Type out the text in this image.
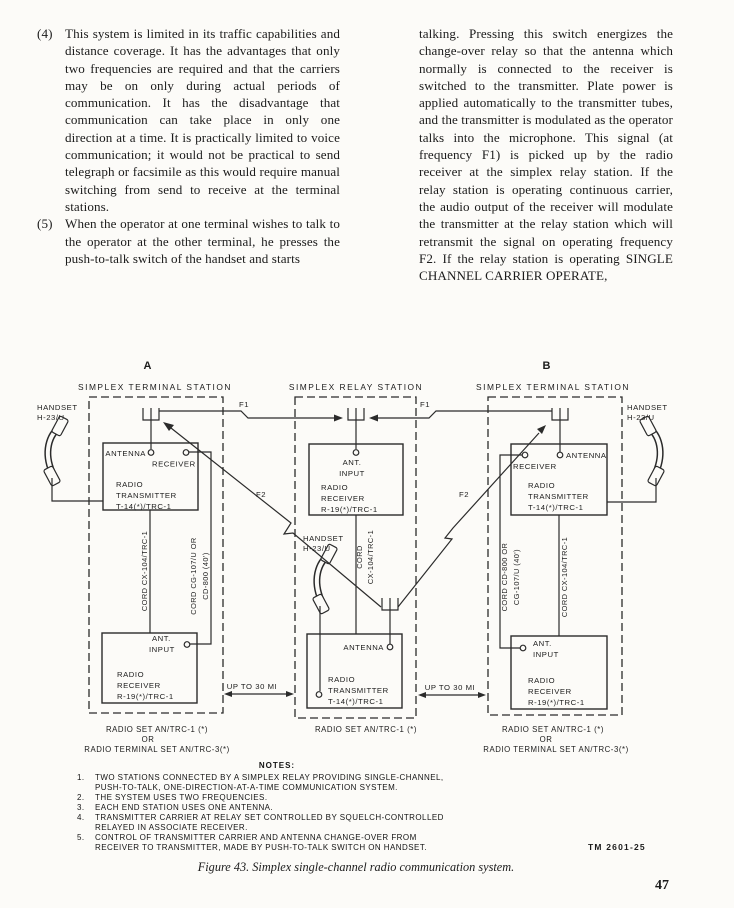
(4) This system is limited in its traffic capabilities and distance coverage. It has the advantages that only two frequencies are required and that the carriers may be on only during actual periods of communication. It has the disadvantage that communication can take place in only one direction at a time. It is practically limited to voice communication; it would not be practical to send telegraph or facsimile as this would require manual switching from send to receive at the terminal stations.
(5) When the operator at one terminal wishes to talk to the operator at the other terminal, he presses the push-to-talk switch of the handset and starts
talking. Pressing this switch energizes the change-over relay so that the antenna which normally is connected to the receiver is switched to the transmitter. Plate power is applied automatically to the transmitter tubes, and the transmitter is modulated as the operator talks into the microphone. This signal (at frequency F1) is picked up by the radio receiver at the simplex relay station. If the relay station is operating continuous carrier, the audio output of the receiver will modulate the transmitter at the relay station which will retransmit the signal on operating frequency F2. If the relay station is operating SINGLE CHANNEL CARRIER OPERATE,
A	B
SIMPLEX TERMINAL STATION	SIMPLEX RELAY STATION	SIMPLEX TERMINAL STATION
F1	F1
F2	F2
HANDSET
H-23/U
HANDSET
H-23/U
HANDSET
H-23/U
ANTENNA
RECEIVER
RADIO
TRANSMITTER
T-14(*)/TRC-1
CORD CX-104/TRC-1	CORD CG-107/U OR CD-800 (40')
ANT.
INPUT
RADIO
RECEIVER
R-19(*)/TRC-1
ANT.
INPUT
RADIO
RECEIVER
R-19(*)/TRC-1
CORD CX-104/TRC-1
ANTENNA
RADIO
TRANSMITTER
T-14(*)/TRC-1
RECEIVER
ANTENNA
RADIO
TRANSMITTER
T-14(*)/TRC-1
CORD CD-800 OR CG-107/U (40')	CORD CX-104/TRC-1
ANT.
INPUT
RADIO
RECEIVER
R-19(*)/TRC-1
UP TO 30 MI	UP TO 30 MI
RADIO SET AN/TRC-1 (*)
OR
RADIO TERMINAL SET AN/TRC-3(*)
RADIO SET AN/TRC-1 (*)	RADIO SET AN/TRC-1 (*)
OR
RADIO TERMINAL SET AN/TRC-3(*)
NOTES:
1. TWO STATIONS CONNECTED BY A SIMPLEX RELAY PROVIDING SINGLE-CHANNEL,
PUSH-TO-TALK, ONE-DIRECTION-AT-A-TIME COMMUNICATION SYSTEM.
2. THE SYSTEM USES TWO FREQUENCIES.
3. EACH END STATION USES ONE ANTENNA.
4. TRANSMITTER CARRIER AT RELAY SET CONTROLLED BY SQUELCH-CONTROLLED
RELAYED IN ASSOCIATE RECEIVER.
5. CONTROL OF TRANSMITTER CARRIER AND ANTENNA CHANGE-OVER FROM
RECEIVER TO TRANSMITTER, MADE BY PUSH-TO-TALK SWITCH ON HANDSET.	TM 2601-25
Figure 43. Simplex single-channel radio communication system.
47
